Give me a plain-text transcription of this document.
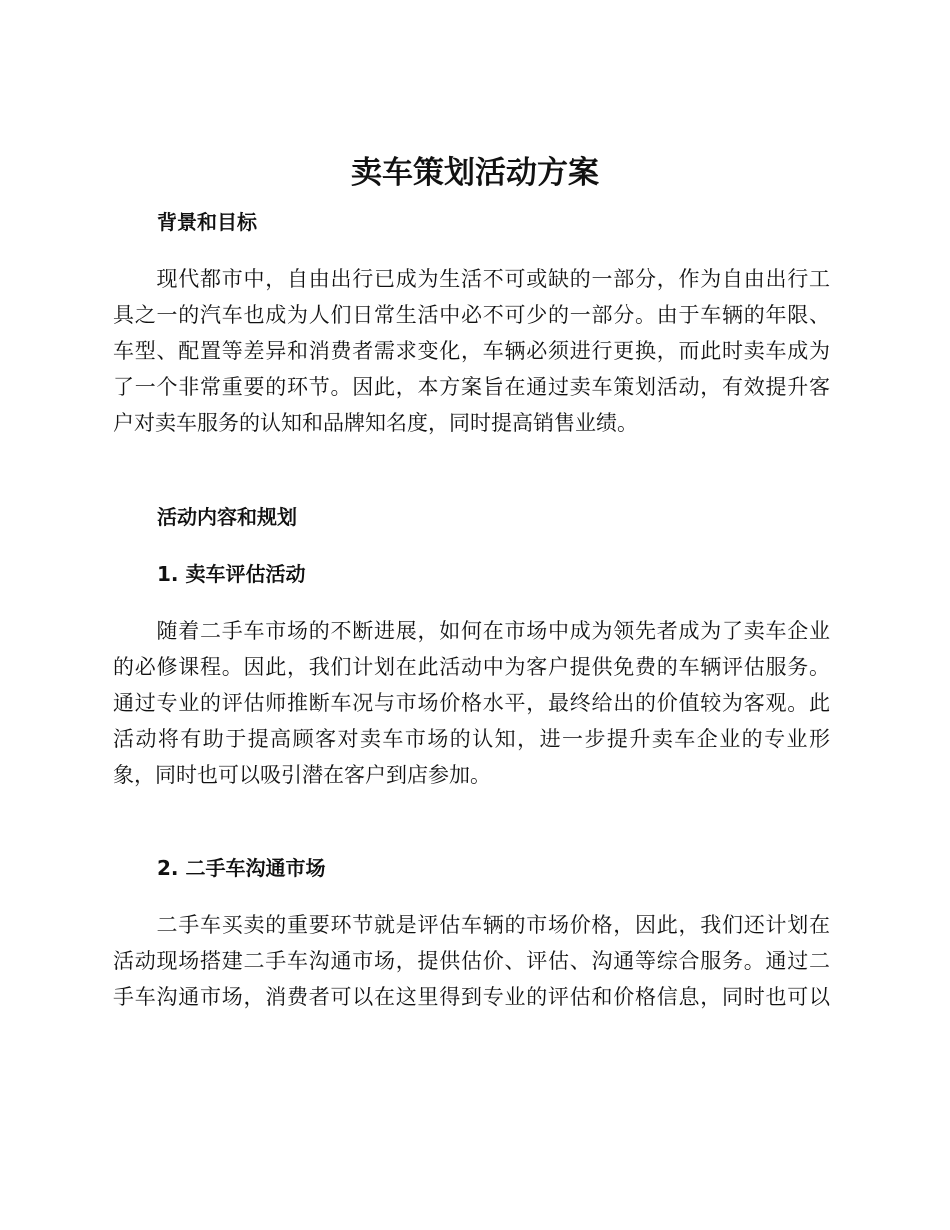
卖车策划活动方案
背景和目标
　　现代都市中，自由出行已成为生活不可或缺的一部分，作为自由出行工
具之一的汽车也成为人们日常生活中必不可少的一部分。由于车辆的年限、
车型、配置等差异和消费者需求变化，车辆必须进行更换，而此时卖车成为
了一个非常重要的环节。因此，本方案旨在通过卖车策划活动，有效提升客
户对卖车服务的认知和品牌知名度，同时提高销售业绩。
活动内容和规划
1. 卖车评估活动
　　随着二手车市场的不断进展，如何在市场中成为领先者成为了卖车企业
的必修课程。因此，我们计划在此活动中为客户提供免费的车辆评估服务。
通过专业的评估师推断车况与市场价格水平，最终给出的价值较为客观。此
活动将有助于提高顾客对卖车市场的认知，进一步提升卖车企业的专业形
象，同时也可以吸引潜在客户到店参加。
2. 二手车沟通市场
　　二手车买卖的重要环节就是评估车辆的市场价格，因此，我们还计划在
活动现场搭建二手车沟通市场，提供估价、评估、沟通等综合服务。通过二
手车沟通市场，消费者可以在这里得到专业的评估和价格信息，同时也可以
